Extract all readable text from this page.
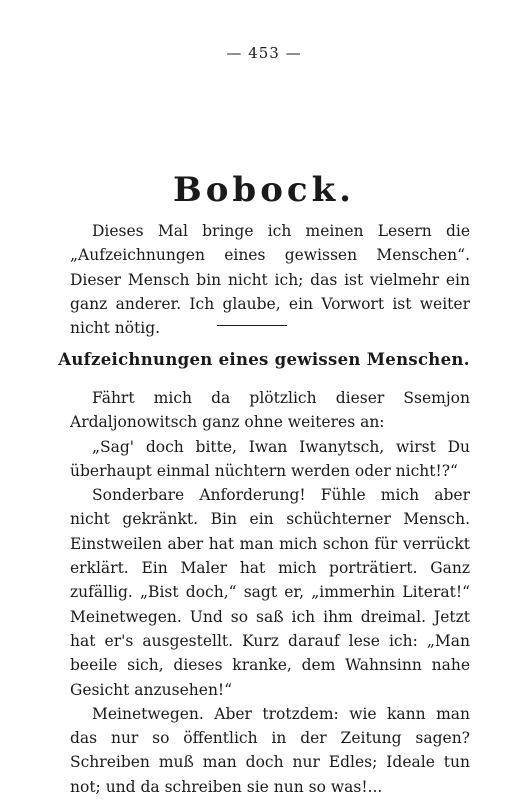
— 453 —
Bobock.

Dieses Mal bringe ich meinen Lesern die „Aufzeichnungen eines gewissen Menschen“. Dieser Mensch bin nicht ich; das ist vielmehr ein ganz anderer. Ich glaube, ein Vorwort ist weiter nicht nötig.

Aufzeichnungen eines gewissen Menschen.

Fährt mich da plötzlich dieser Ssemjon Ardaljonowitsch ganz ohne weiteres an:

„Sag' doch bitte, Iwan Iwanytsch, wirst Du überhaupt einmal nüchtern werden oder nicht!?“

Sonderbare Anforderung! Fühle mich aber nicht gekränkt. Bin ein schüchterner Mensch. Einstweilen aber hat man mich schon für verrückt erklärt. Ein Maler hat mich porträtiert. Ganz zufällig. „Bist doch,“ sagt er, „immerhin Literat!“ Meinetwegen. Und so saß ich ihm dreimal. Jetzt hat er's ausgestellt. Kurz darauf lese ich: „Man beeile sich, dieses kranke, dem Wahnsinn nahe Gesicht anzusehen!“

Meinetwegen. Aber trotzdem: wie kann man das nur so öffentlich in der Zeitung sagen? Schreiben muß man doch nur Edles; Ideale tun not; und da schreiben sie nun so was!...
